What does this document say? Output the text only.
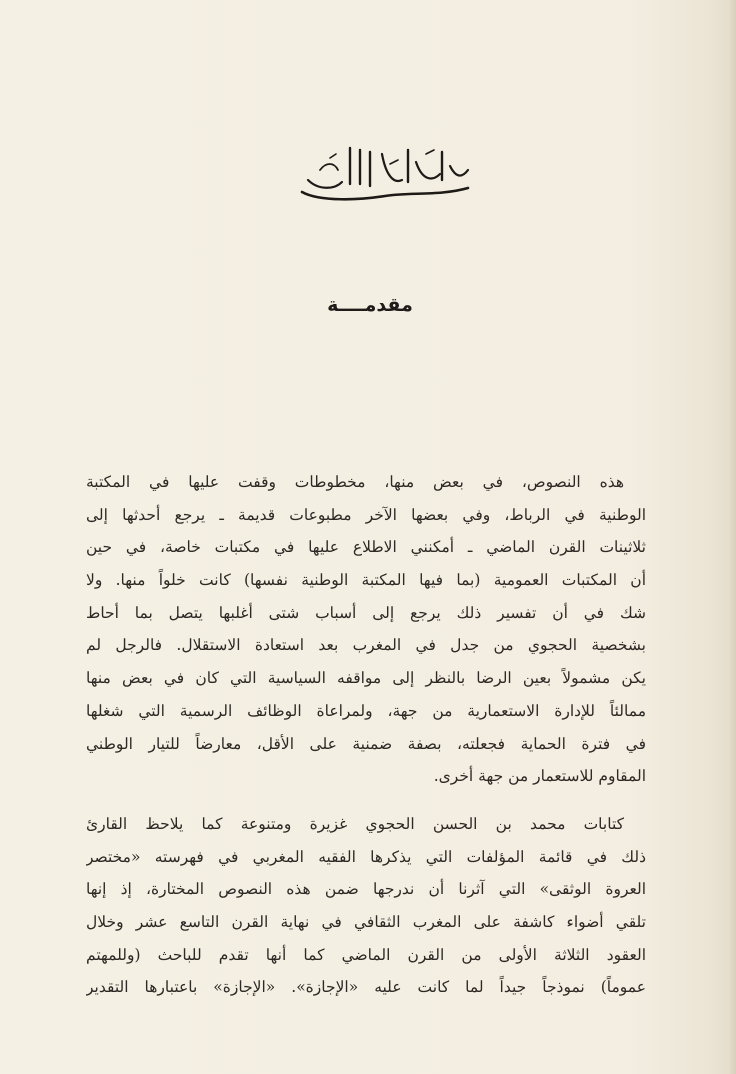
مقدمــــة
هذه النصوص، في بعض منها، مخطوطات وقفت عليها في المكتبة
الوطنية في الرباط، وفي بعضها الآخر مطبوعات قديمة ـ يرجع أحدثها إلى
ثلاثينات القرن الماضي ـ أمكنني الاطلاع عليها في مكتبات خاصة، في حين
أن المكتبات العمومية (بما فيها المكتبة الوطنية نفسها) كانت خلواً منها. ولا
شك في أن تفسير ذلك يرجع إلى أسباب شتى أغلبها يتصل بما أحاط
بشخصية الحجوي من جدل في المغرب بعد استعادة الاستقلال. فالرجل لم
يكن مشمولاً بعين الرضا بالنظر إلى مواقفه السياسية التي كان في بعض منها
ممالئاً للإدارة الاستعمارية من جهة، ولمراعاة الوظائف الرسمية التي شغلها
في فترة الحماية فجعلته، بصفة ضمنية على الأقل، معارضاً للتيار الوطني
المقاوم للاستعمار من جهة أخرى.
كتابات محمد بن الحسن الحجوي غزيرة ومتنوعة كما يلاحظ القارئ
ذلك في قائمة المؤلفات التي يذكرها الفقيه المغربي في فهرسته «مختصر
العروة الوثقى» التي آثرنا أن ندرجها ضمن هذه النصوص المختارة، إذ إنها
تلقي أضواء كاشفة على المغرب الثقافي في نهاية القرن التاسع عشر وخلال
العقود الثلاثة الأولى من القرن الماضي كما أنها تقدم للباحث (وللمهتم
عموماً) نموذجاً جيداً لما كانت عليه «الإجازة». «الإجازة» باعتبارها التقدير
